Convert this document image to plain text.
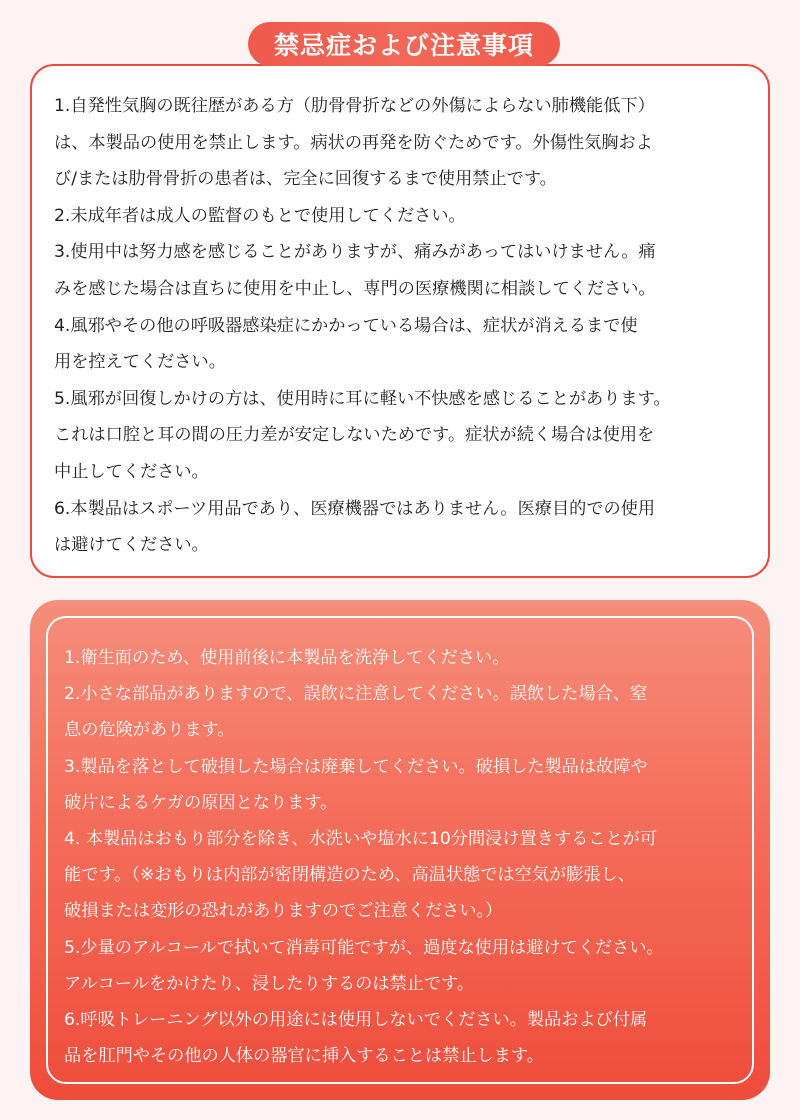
禁忌症および注意事項

1.自発性気胸の既往歴がある方（肋骨骨折などの外傷によらない肺機能低下）

は、本製品の使用を禁止します。病状の再発を防ぐためです。外傷性気胸およ

び/または肋骨骨折の患者は、完全に回復するまで使用禁止です。

2.未成年者は成人の監督のもとで使用してください。

3.使用中は努力感を感じることがありますが、痛みがあってはいけません。痛

みを感じた場合は直ちに使用を中止し、専門の医療機関に相談してください。

4.風邪やその他の呼吸器感染症にかかっている場合は、症状が消えるまで使

用を控えてください。

5.風邪が回復しかけの方は、使用時に耳に軽い不快感を感じることがあります。

これは口腔と耳の間の圧力差が安定しないためです。症状が続く場合は使用を

中止してください。

6.本製品はスポーツ用品であり、医療機器ではありません。医療目的での使用

は避けてください。

1.衛生面のため、使用前後に本製品を洗浄してください。

2.小さな部品がありますので、誤飲に注意してください。誤飲した場合、窒

息の危険があります。

3.製品を落として破損した場合は廃棄してください。破損した製品は故障や

破片によるケガの原因となります。

4. 本製品はおもり部分を除き、水洗いや塩水に10分間浸け置きすることが可

能です。（※おもりは内部が密閉構造のため、高温状態では空気が膨張し、

破損または変形の恐れがありますのでご注意ください。）

5.少量のアルコールで拭いて消毒可能ですが、過度な使用は避けてください。

アルコールをかけたり、浸したりするのは禁止です。

6.呼吸トレーニング以外の用途には使用しないでください。製品および付属

品を肛門やその他の人体の器官に挿入することは禁止します。
